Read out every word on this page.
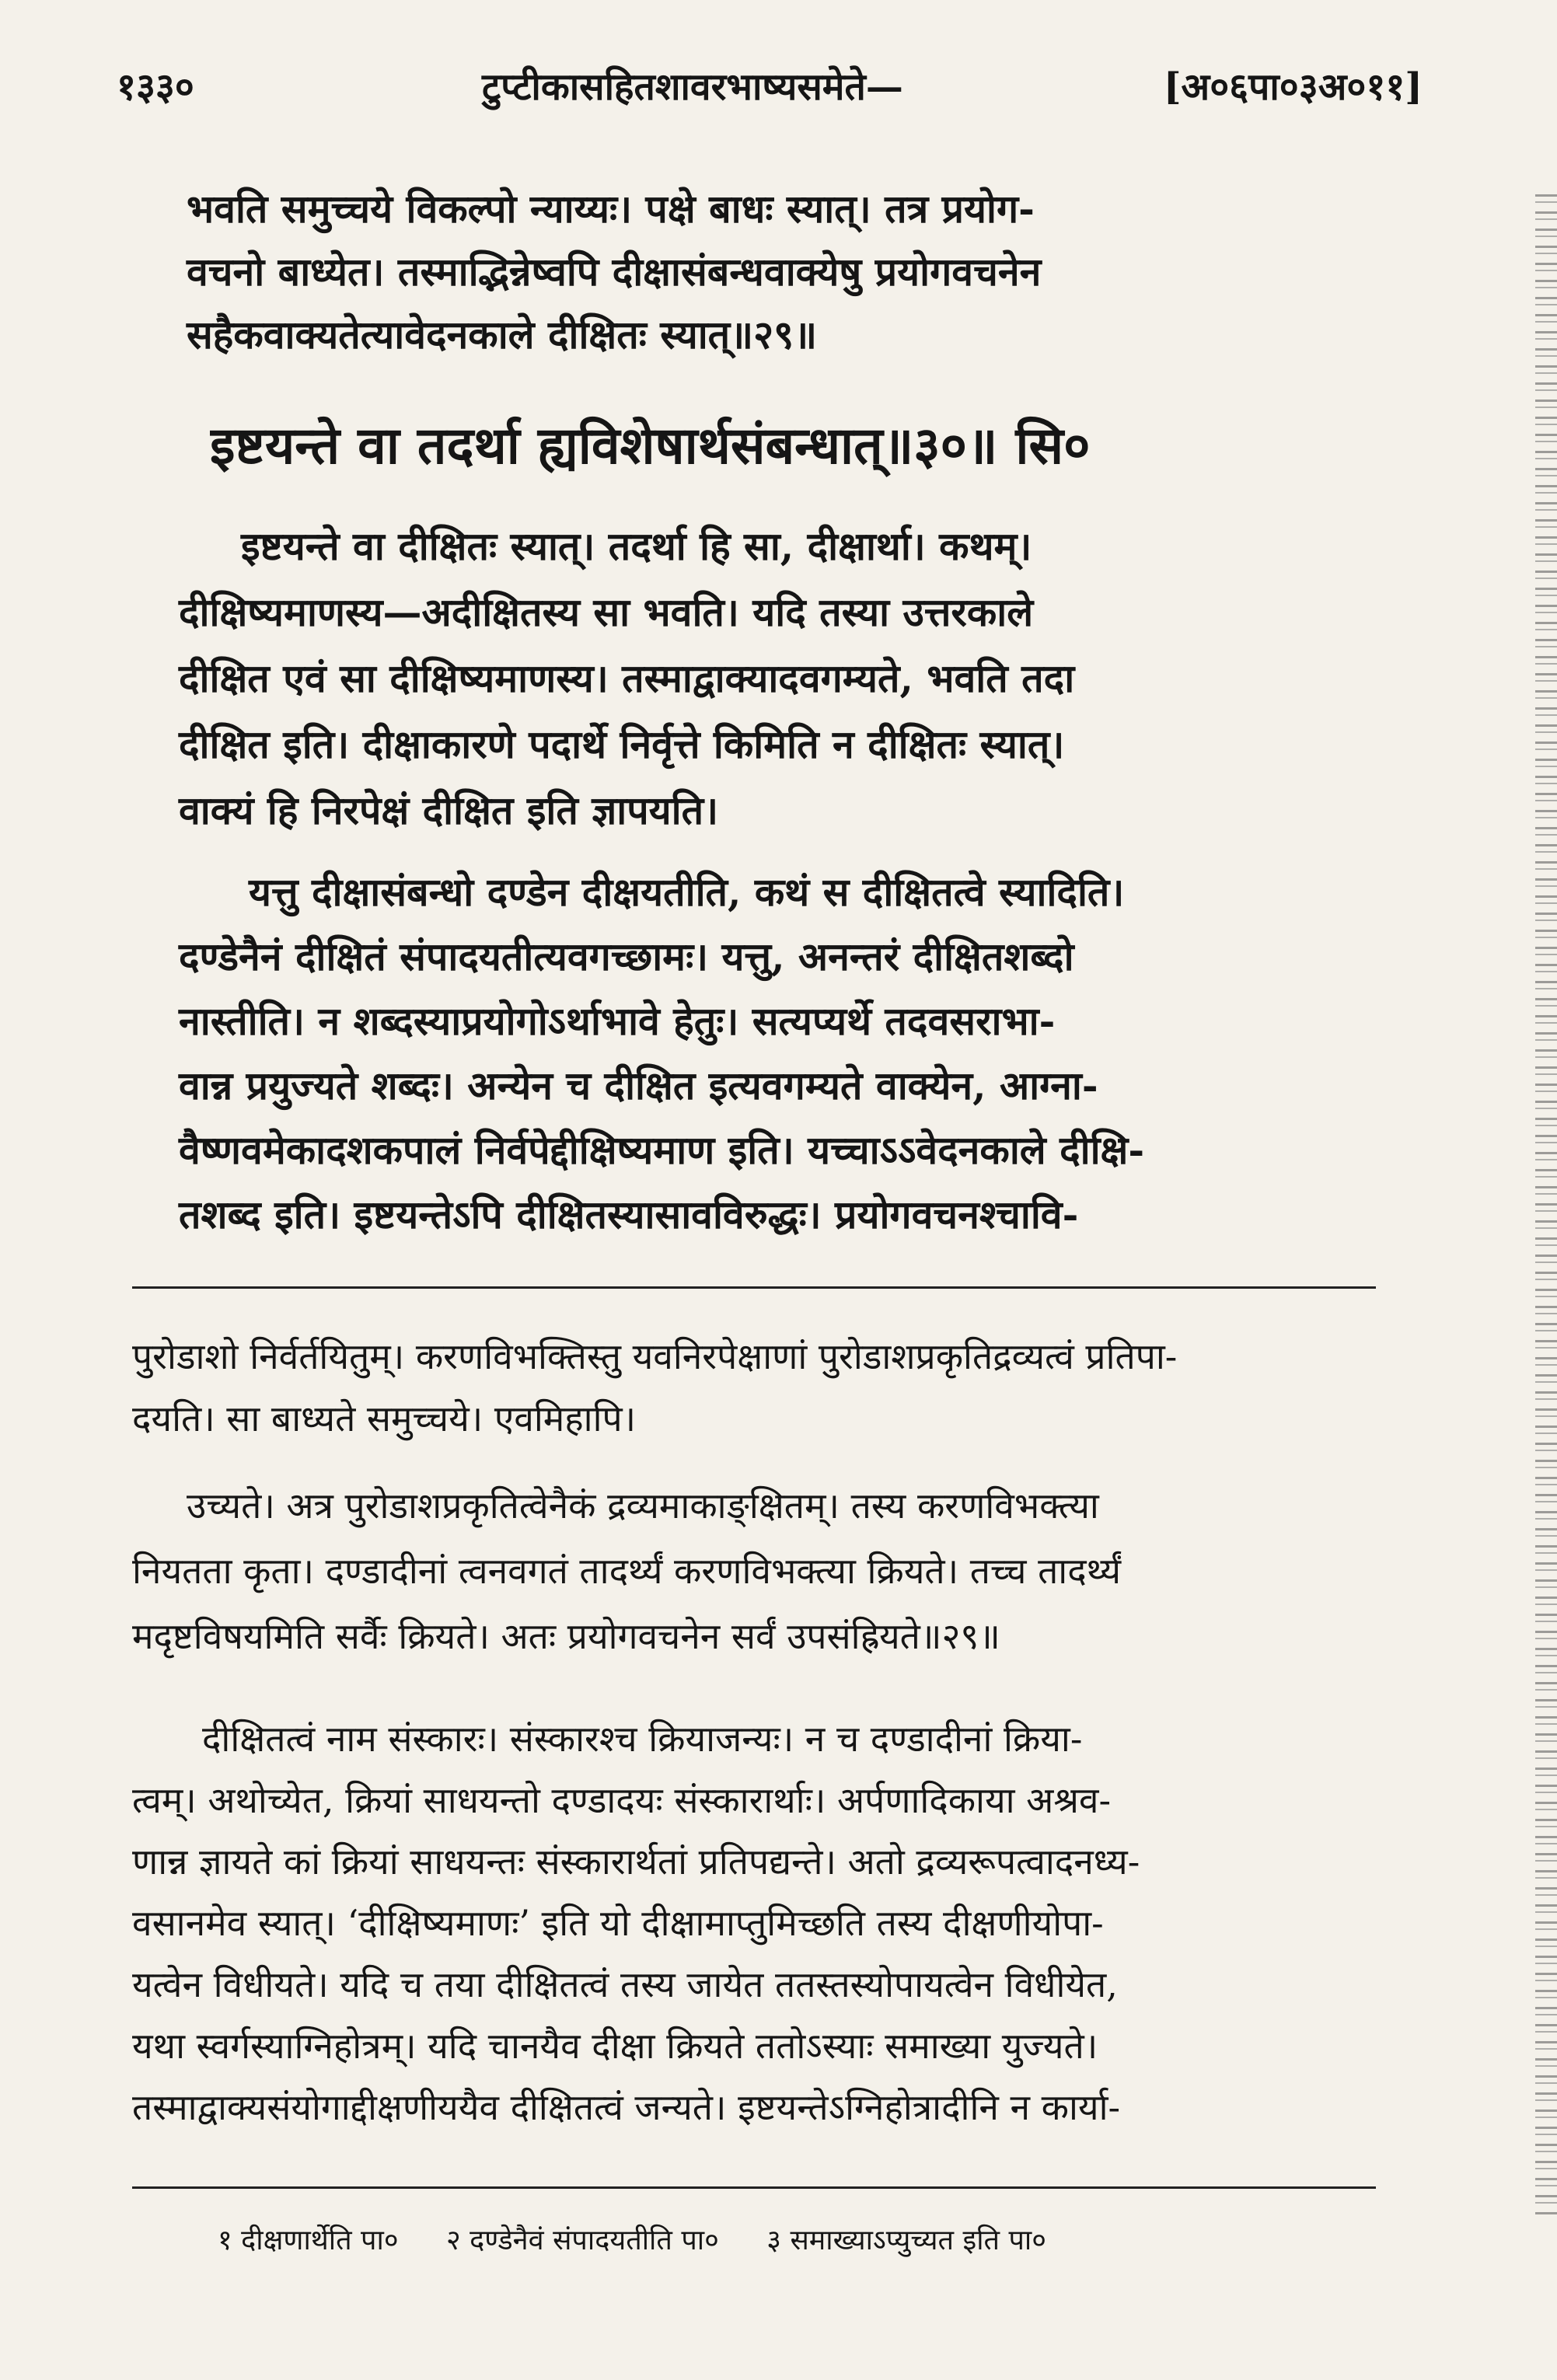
१३३०	टुप्टीकासहितशावरभाष्यसमेते—	[अ०६पा०३अ०११]
भवति समुच्चये विकल्पो न्याय्यः। पक्षे बाधः स्यात्। तत्र प्रयोग-
वचनो बाध्येत। तस्माद्भिन्नेष्वपि दीक्षासंबन्धवाक्येषु प्रयोगवचनेन
सहैकवाक्यतेत्यावेदनकाले दीक्षितः स्यात्॥२९॥
इष्टयन्ते वा तदर्था ह्यविशेषार्थसंबन्धात्॥३०॥ सि०
इष्टयन्ते वा दीक्षितः स्यात्। तदर्था हि सा, दीक्षार्था। कथम्।
दीक्षिष्यमाणस्य—अदीक्षितस्य सा भवति। यदि तस्या उत्तरकाले
दीक्षित एवं सा दीक्षिष्यमाणस्य। तस्माद्वाक्यादवगम्यते, भवति तदा
दीक्षित इति। दीक्षाकारणे पदार्थे निर्वृत्ते किमिति न दीक्षितः स्यात्।
वाक्यं हि निरपेक्षं दीक्षित इति ज्ञापयति।
यत्तु दीक्षासंबन्धो दण्डेन दीक्षयतीति, कथं स दीक्षितत्वे स्यादिति।
दण्डेनैनं दीक्षितं संपादयतीत्यवगच्छामः। यत्तु, अनन्तरं दीक्षितशब्दो
नास्तीति। न शब्दस्याप्रयोगोऽर्थाभावे हेतुः। सत्यप्यर्थे तदवसराभा-
वान्न प्रयुज्यते शब्दः। अन्येन च दीक्षित इत्यवगम्यते वाक्येन, आग्ना-
वैष्णवमेकादशकपालं निर्वपेद्दीक्षिष्यमाण इति। यच्चाऽऽवेदनकाले दीक्षि-
तशब्द इति। इष्टयन्तेऽपि दीक्षितस्यासावविरुद्धः। प्रयोगवचनश्चावि-
पुरोडाशो निर्वर्तयितुम्। करणविभक्तिस्तु यवनिरपेक्षाणां पुरोडाशप्रकृतिद्रव्यत्वं प्रतिपा-
दयति। सा बाध्यते समुच्चये। एवमिहापि।
उच्यते। अत्र पुरोडाशप्रकृतित्वेनैकं द्रव्यमाकाङ्क्षितम्। तस्य करणविभक्त्या
नियतता कृता। दण्डादीनां त्वनवगतं तादर्थ्यं करणविभक्त्या क्रियते। तच्च तादर्थ्यं
मदृष्टविषयमिति सर्वैः क्रियते। अतः प्रयोगवचनेन सर्वं उपसंह्रियते॥२९॥
दीक्षितत्वं नाम संस्कारः। संस्कारश्च क्रियाजन्यः। न च दण्डादीनां क्रिया-
त्वम्। अथोच्येत, क्रियां साधयन्तो दण्डादयः संस्कारार्थाः। अर्पणादिकाया अश्रव-
णान्न ज्ञायते कां क्रियां साधयन्तः संस्कारार्थतां प्रतिपद्यन्ते। अतो द्रव्यरूपत्वादनध्य-
वसानमेव स्यात्। ‘दीक्षिष्यमाणः’ इति यो दीक्षामाप्तुमिच्छति तस्य दीक्षणीयोपा-
यत्वेन विधीयते। यदि च तया दीक्षितत्वं तस्य जायेत ततस्तस्योपायत्वेन विधीयेत,
यथा स्वर्गस्याग्निहोत्रम्। यदि चानयैव दीक्षा क्रियते ततोऽस्याः समाख्या युज्यते।
तस्माद्वाक्यसंयोगाद्दीक्षणीययैव दीक्षितत्वं जन्यते। इष्टयन्तेऽग्निहोत्रादीनि न कार्या-
१ दीक्षणार्थेति पा० २ दण्डेनैवं संपादयतीति पा० ३ समाख्याऽप्युच्यत इति पा०
